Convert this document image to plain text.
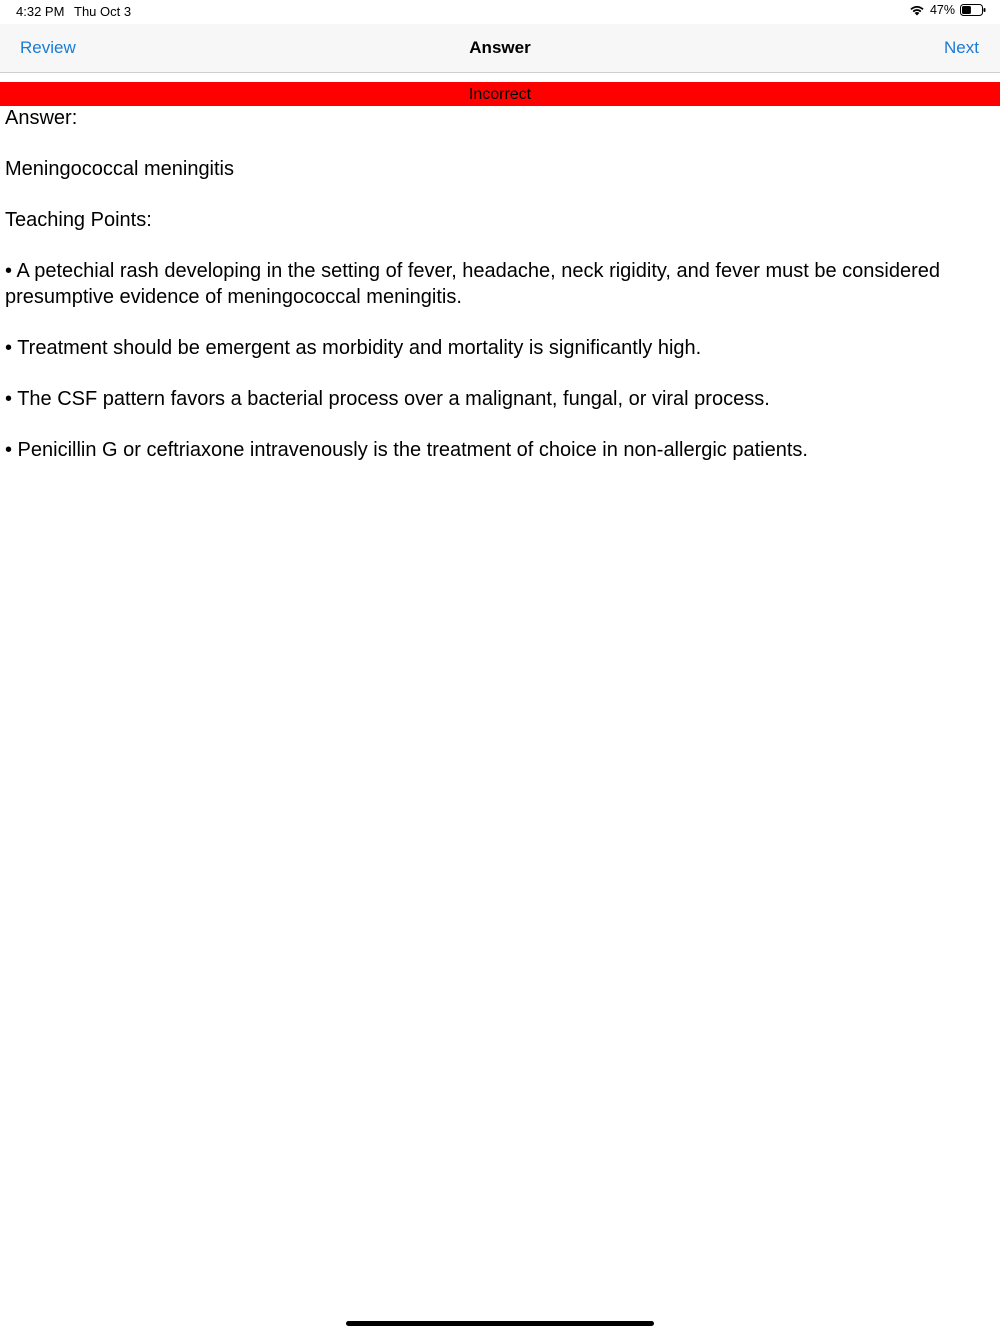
4:32 PM Thu Oct 3	47%
Review	Answer	Next
Incorrect

Answer:

Meningococcal meningitis

Teaching Points:

• A petechial rash developing in the setting of fever, headache, neck rigidity, and fever must be considered presumptive evidence of meningococcal meningitis.

• Treatment should be emergent as morbidity and mortality is significantly high.

• The CSF pattern favors a bacterial process over a malignant, fungal, or viral process.

• Penicillin G or ceftriaxone intravenously is the treatment of choice in non-allergic patients.
